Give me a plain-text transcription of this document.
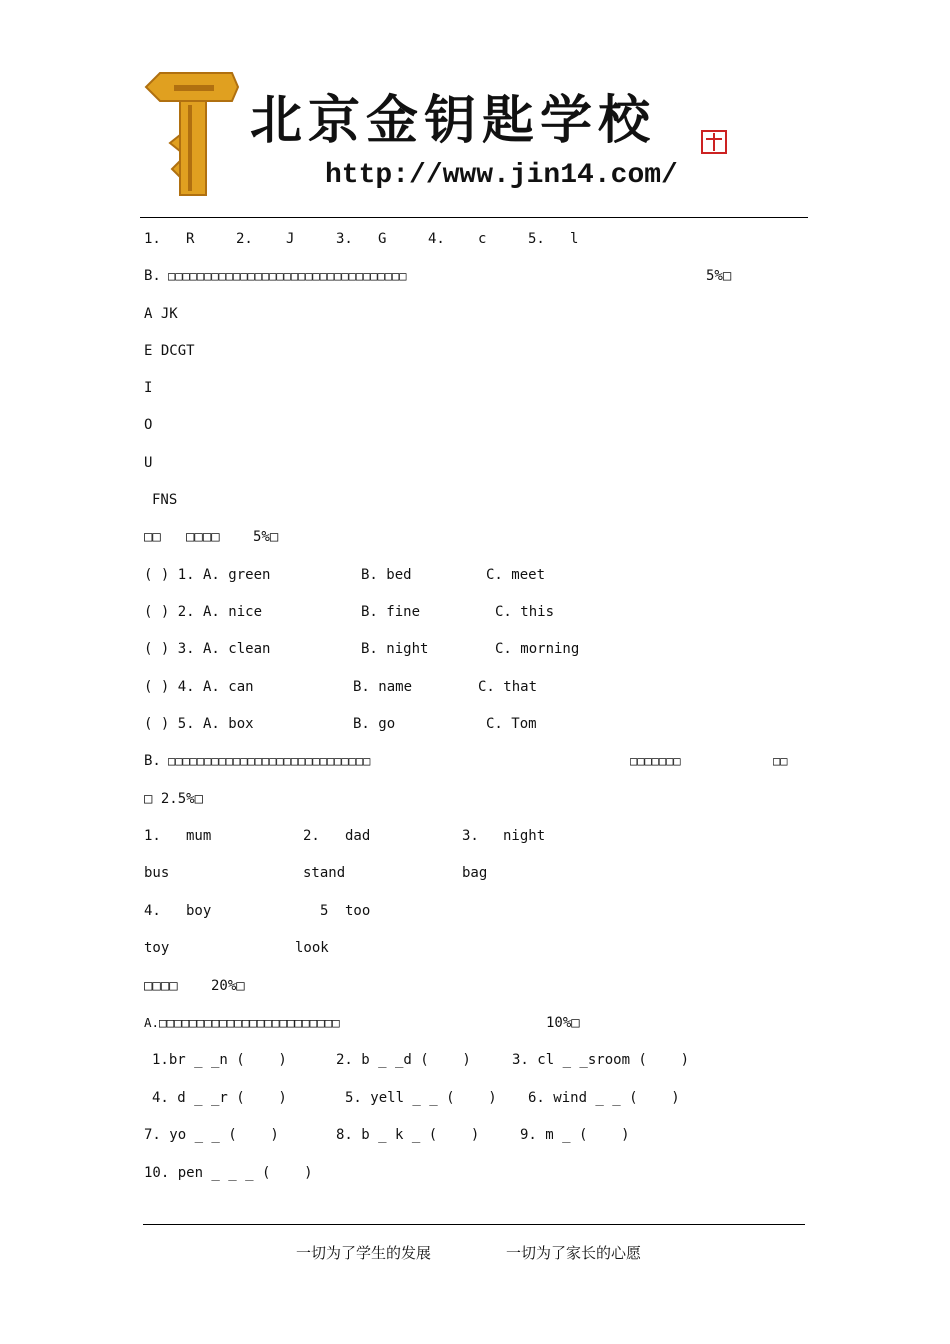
北京金钥匙学校
http://www.jin14.com/
1. R	2. J	3. G	4. c	5. l
B. □□□□□□□□□□□□□□□□□□□□□□□□□□□□□□□□□	5%□
A JK
E DCGT
I
O
U
FNS
□□ □□□□ 5%□
( ) 1. A. green	B. bed	C. meet
( ) 2. A. nice	B. fine	C. this
( ) 3. A. clean	B. night	C. morning
( ) 4. A. can	B. name	C. that
( ) 5. A. box	B. go	C. Tom
B. □□□□□□□□□□□□□□□□□□□□□□□□□□□□	□□□□□□□	□□
□ 2.5%□
1. mum	2. dad	3. night
bus	stand	bag
4. boy	5 too
toy	look
□□□□ 20%□
A.□□□□□□□□□□□□□□□□□□□□□□□□	10%□
1.br _ _n (    )	2. b _ _d (    )	3. cl _ _sroom (    )
4. d _ _r (    )	5. yell _ _ (    ) 6. wind _ _ (    )
7. yo _ _ (    )	8. b _ k _ (    )	9. m _ (    )
10. pen _ _ _ (    )
一切为了学生的发展	一切为了家长的心愿
